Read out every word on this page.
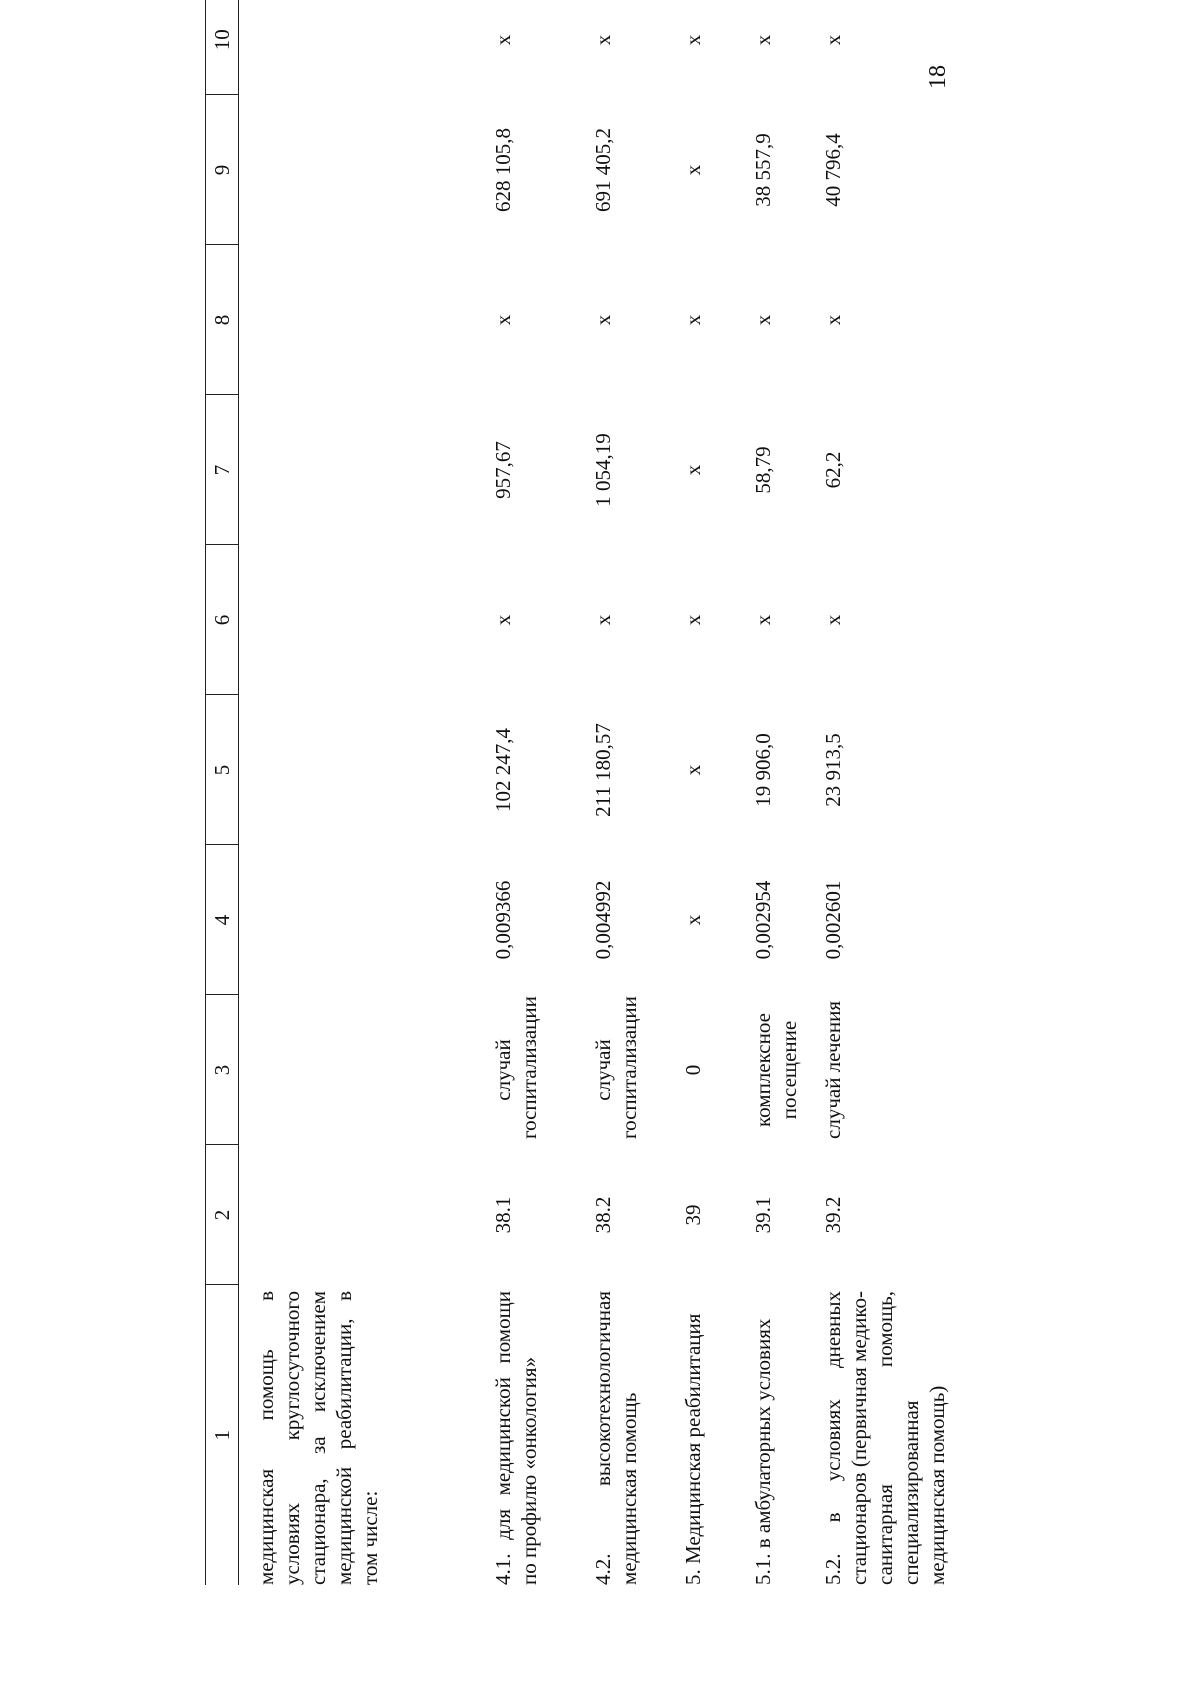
18
1	2	3	4	5	6	7	8	9	10
медицинская помощь в условиях круглосуточного стационара, за исключением медицинской реабилитации, в том числе:									
4.1. для медицинской помощи по профилю «онкология»	38.1	случай госпитализации	0,009366	102 247,4	х	957,67	х	628 105,8	х
4.2. высокотехнологичная медицинская помощь	38.2	случай госпитализации	0,004992	211 180,57	х	1 054,19	х	691 405,2	х
5. Медицинская реабилитация	39	0	х	х	х	х	х	х	х
5.1. в амбулаторных условиях	39.1	комплексное посещение	0,002954	19 906,0	х	58,79	х	38 557,9	х
5.2. в условиях дневных стационаров (первичная медико-санитарная помощь, специализированная медицинская помощь)	39.2	случай лечения	0,002601	23 913,5	х	62,2	х	40 796,4	х
